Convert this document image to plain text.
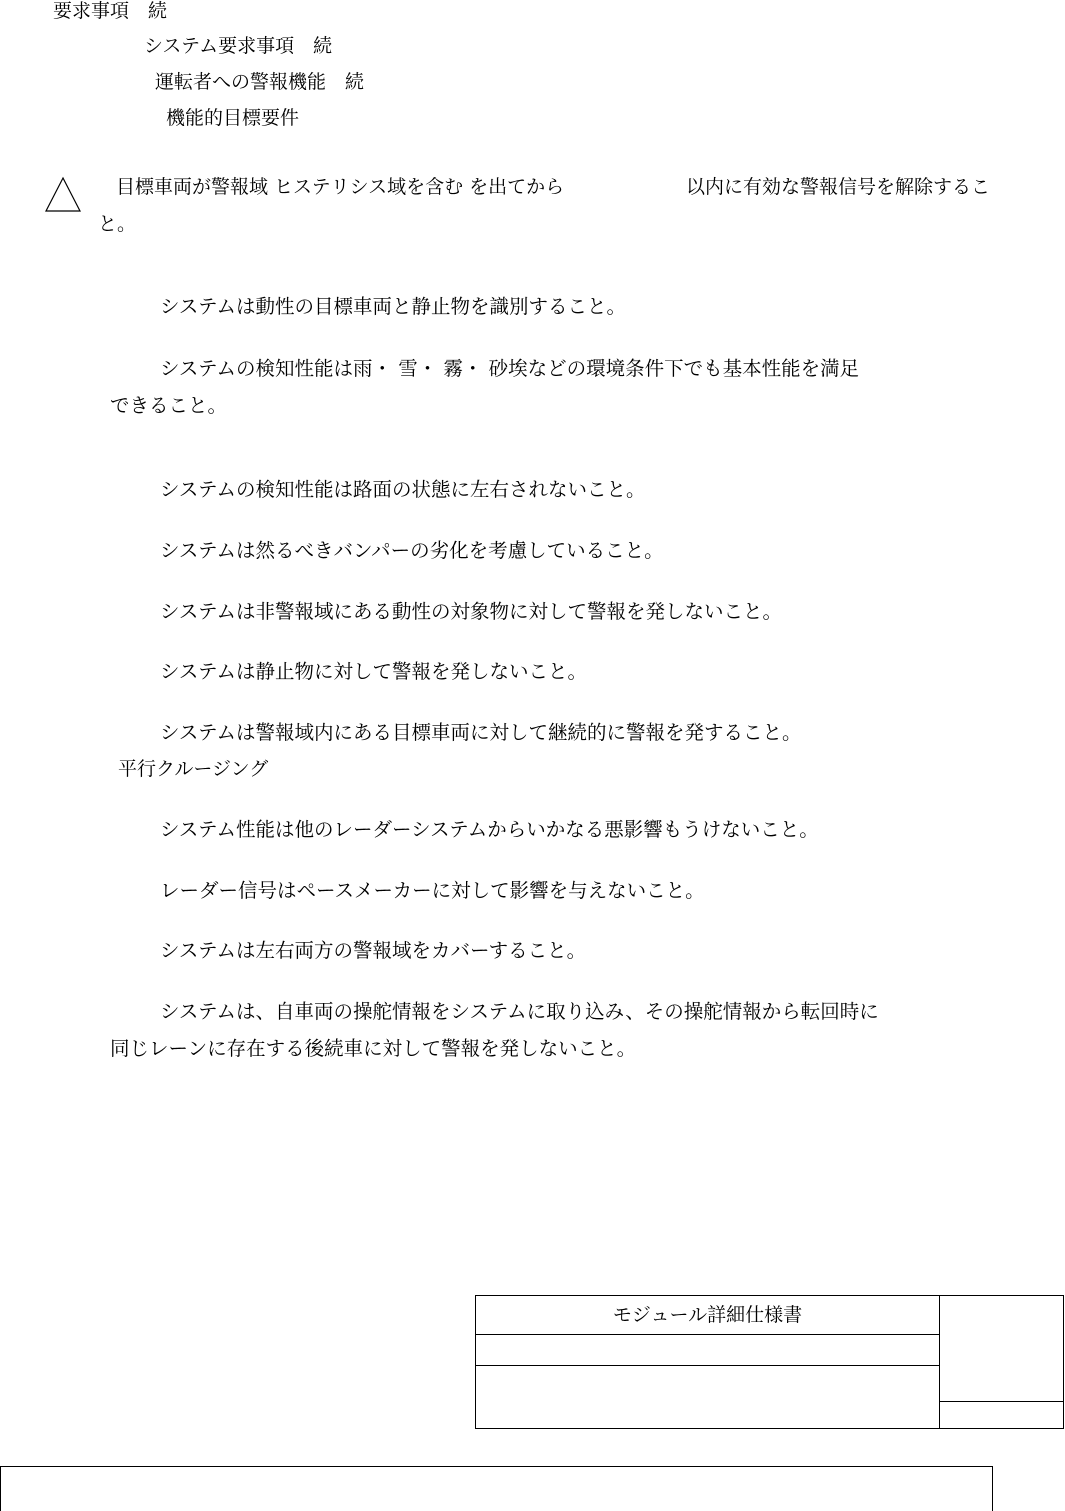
要求事項　続
システム要求事項　続
運転者への警報機能　続
機能的目標要件
目標車両が警報域 ヒステリシス域を含む を出てから	以内に有効な警報信号を解除するこ
と。
システムは動性の目標車両と静止物を識別すること。
システムの検知性能は雨・ 雪・ 霧・ 砂埃などの環境条件下でも基本性能を満足
できること。
システムの検知性能は路面の状態に左右されないこと。
システムは然るべきバンパーの劣化を考慮していること。
システムは非警報域にある動性の対象物に対して警報を発しないこと。
システムは静止物に対して警報を発しないこと。
システムは警報域内にある目標車両に対して継続的に警報を発すること。
平行クルージング
システム性能は他のレーダーシステムからいかなる悪影響もうけないこと。
レーダー信号はペースメーカーに対して影響を与えないこと。
システムは左右両方の警報域をカバーすること。
システムは、自車両の操舵情報をシステムに取り込み、その操舵情報から転回時に
同じレーンに存在する後続車に対して警報を発しないこと。
モジュール詳細仕様書
